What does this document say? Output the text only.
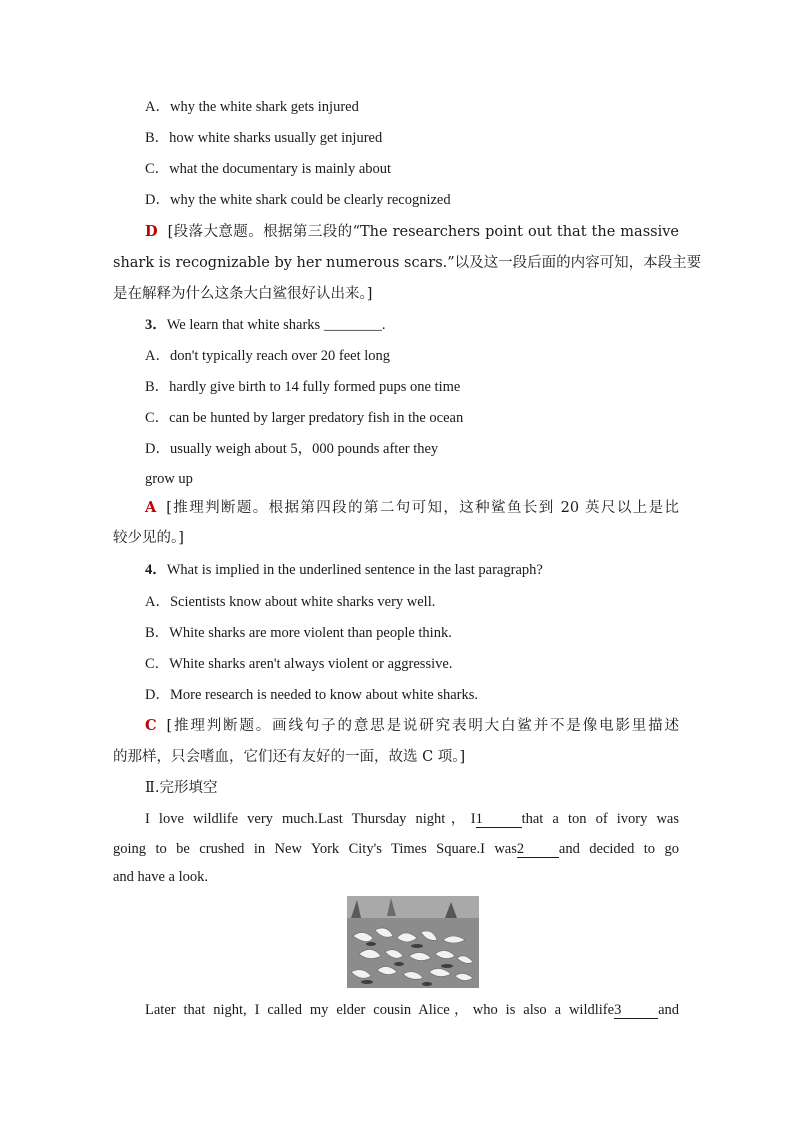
A．why the white shark gets injured
B．how white sharks usually get injured
C．what the documentary is mainly about
D．why the white shark could be clearly recognized
D [段落大意题。根据第三段的“The researchers point out that the massive
shark is recognizable by her numerous scars.”以及这一段后面的内容可知，本段主要
是在解释为什么这条大白鲨很好认出来。]
3．We learn that white sharks ________.
A．don't typically reach over 20 feet long
B．hardly give birth to 14 fully formed pups one time
C．can be hunted by larger predatory fish in the ocean
D．usually weigh about 5，000 pounds after they
grow up
A [推理判断题。根据第四段的第二句可知，这种鲨鱼长到 20 英尺以上是比
较少见的。]
4．What is implied in the underlined sentence in the last paragraph?
A．Scientists know about white sharks very well.
B．White sharks are more violent than people think.
C．White sharks aren't always violent or aggressive.
D．More research is needed to know about white sharks.
C [推理判断题。画线句子的意思是说研究表明大白鲨并不是像电影里描述
的那样，只会嗜血，它们还有友好的一面，故选 C 项。]
Ⅱ.完形填空
I love wildlife very much.Last Thursday night，I1	that a ton of ivory was
going to be crushed in New York City's Times Square.I was2 and decided to go
and have a look.
Later that night, I called my elder cousin Alice，who is also a wildlife3	and
